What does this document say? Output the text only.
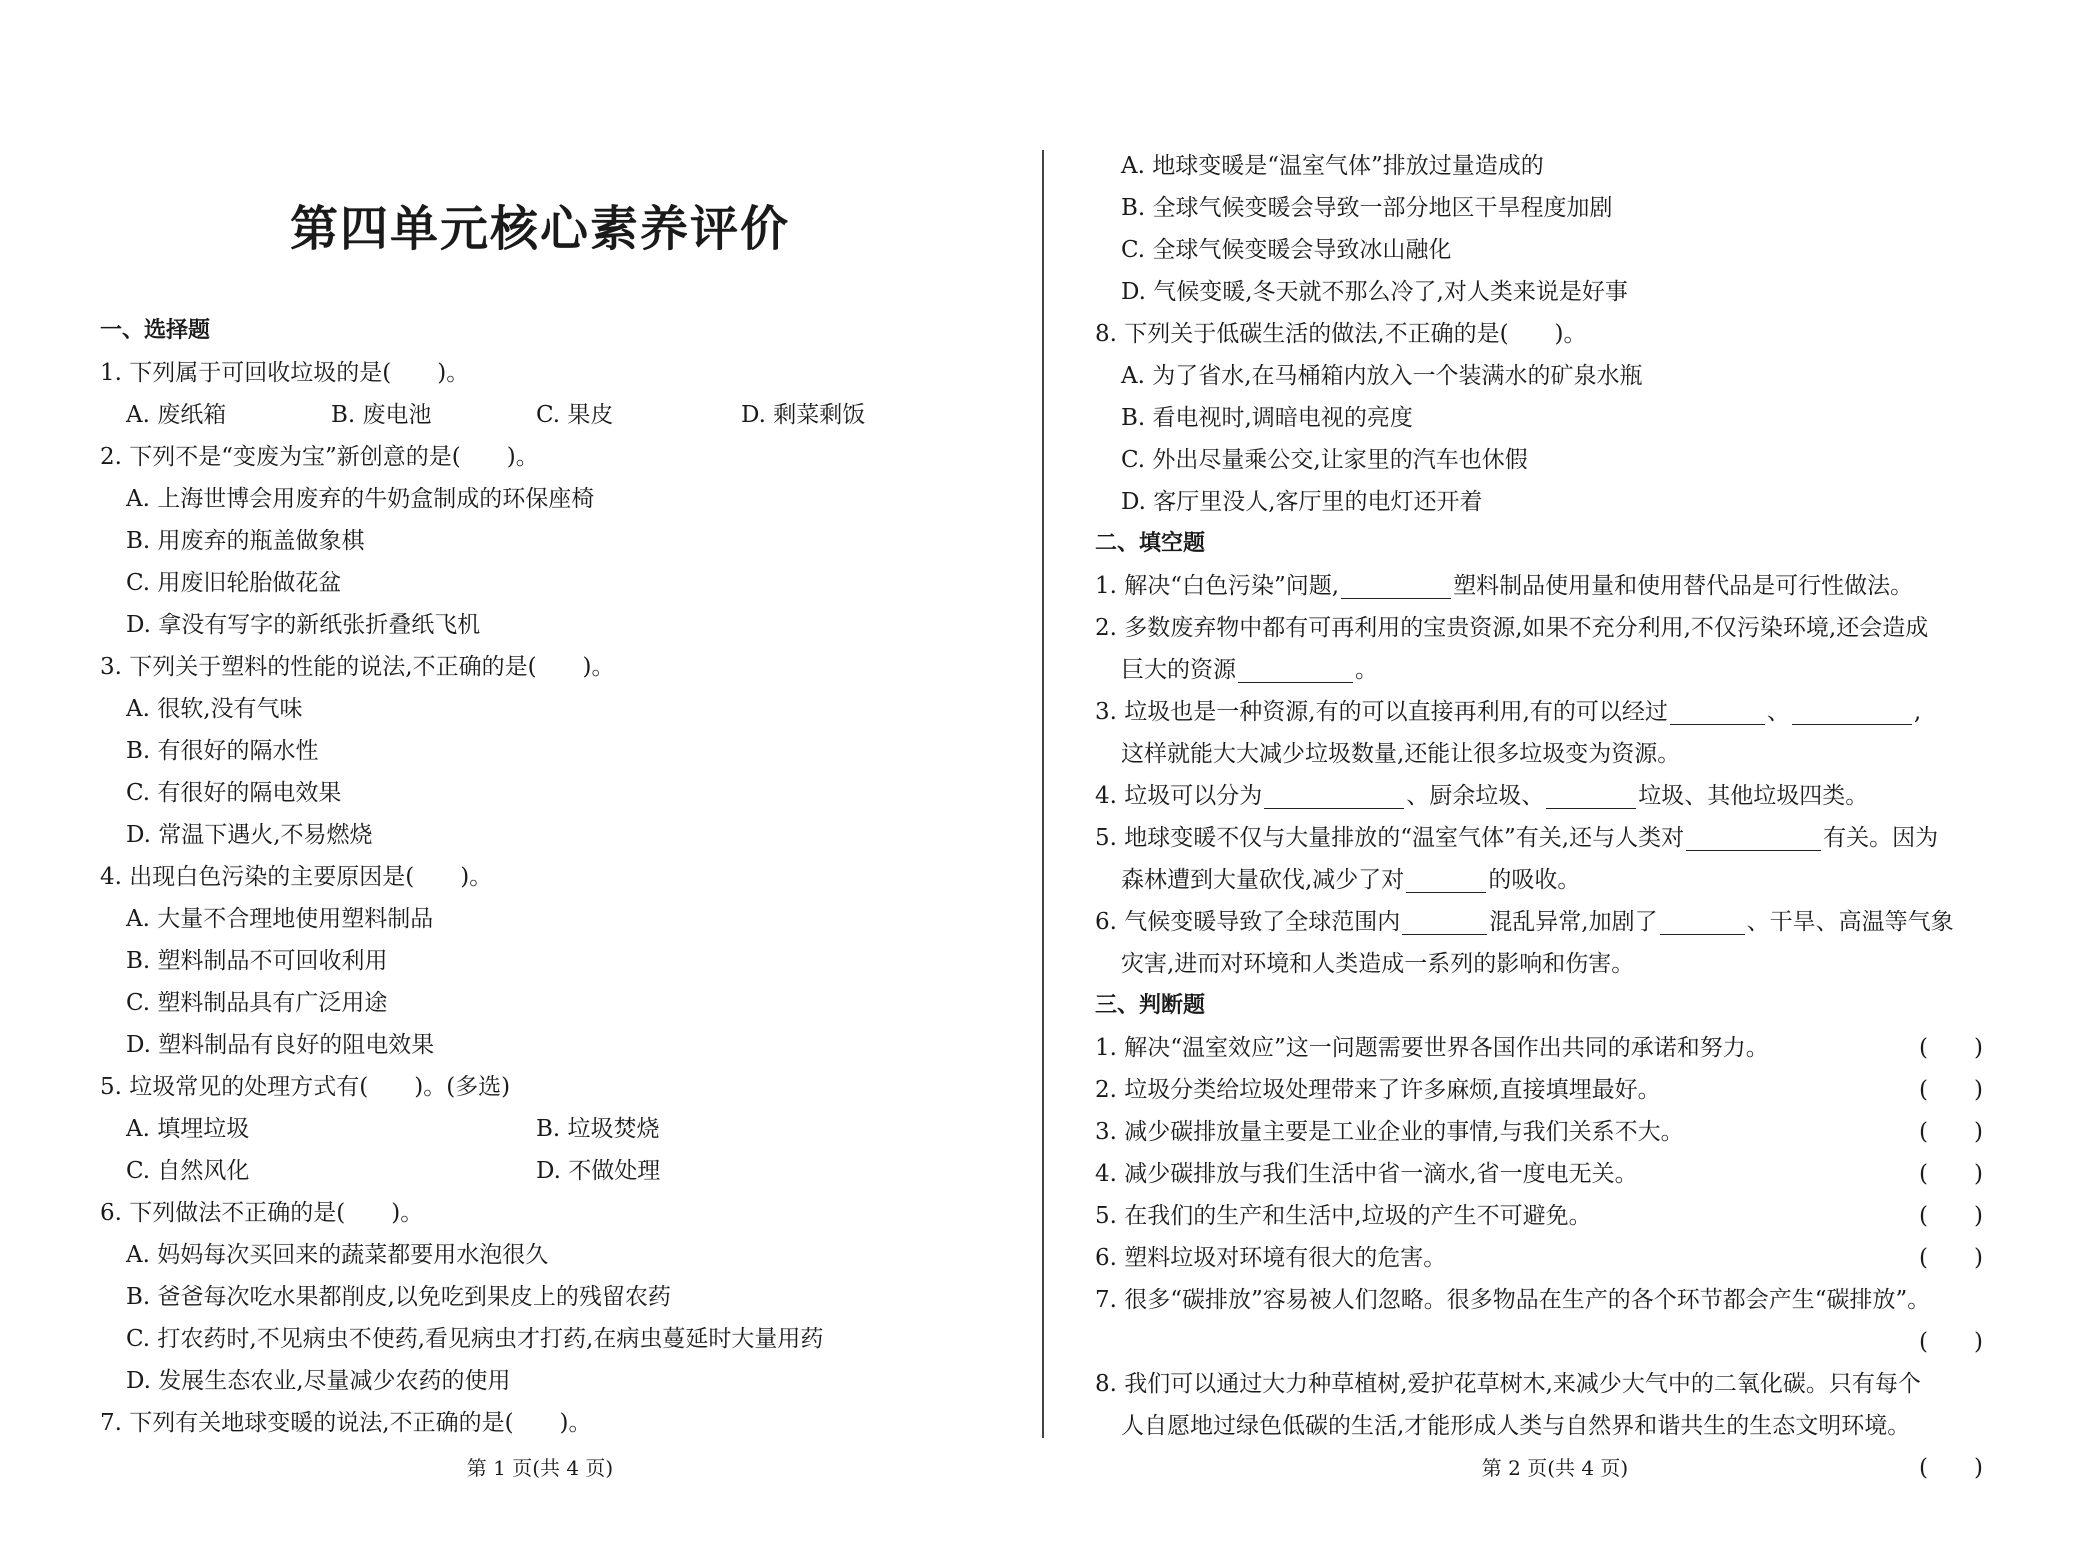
第四单元核心素养评价
一、选择题
1. 下列属于可回收垃圾的是(　　)。
A. 废纸箱	B. 废电池	C. 果皮	D. 剩菜剩饭
2. 下列不是“变废为宝”新创意的是(　　)。
A. 上海世博会用废弃的牛奶盒制成的环保座椅
B. 用废弃的瓶盖做象棋
C. 用废旧轮胎做花盆
D. 拿没有写字的新纸张折叠纸飞机
3. 下列关于塑料的性能的说法,不正确的是(　　)。
A. 很软,没有气味
B. 有很好的隔水性
C. 有很好的隔电效果
D. 常温下遇火,不易燃烧
4. 出现白色污染的主要原因是(　　)。
A. 大量不合理地使用塑料制品
B. 塑料制品不可回收利用
C. 塑料制品具有广泛用途
D. 塑料制品有良好的阻电效果
5. 垃圾常见的处理方式有(　　)。(多选)
A. 填埋垃圾	B. 垃圾焚烧
C. 自然风化	D. 不做处理
6. 下列做法不正确的是(　　)。
A. 妈妈每次买回来的蔬菜都要用水泡很久
B. 爸爸每次吃水果都削皮,以免吃到果皮上的残留农药
C. 打农药时,不见病虫不使药,看见病虫才打药,在病虫蔓延时大量用药
D. 发展生态农业,尽量减少农药的使用
7. 下列有关地球变暖的说法,不正确的是(　　)。
第 1 页(共 4 页)
A. 地球变暖是“温室气体”排放过量造成的
B. 全球气候变暖会导致一部分地区干旱程度加剧
C. 全球气候变暖会导致冰山融化
D. 气候变暖,冬天就不那么冷了,对人类来说是好事
8. 下列关于低碳生活的做法,不正确的是(　　)。
A. 为了省水,在马桶箱内放入一个装满水的矿泉水瓶
B. 看电视时,调暗电视的亮度
C. 外出尽量乘公交,让家里的汽车也休假
D. 客厅里没人,客厅里的电灯还开着
二、填空题
1. 解决“白色污染”问题,	塑料制品使用量和使用替代品是可行性做法。
2. 多数废弃物中都有可再利用的宝贵资源,如果不充分利用,不仅污染环境,还会造成
巨大的资源	。
3. 垃圾也是一种资源,有的可以直接再利用,有的可以经过	、	,
这样就能大大减少垃圾数量,还能让很多垃圾变为资源。
4. 垃圾可以分为	、厨余垃圾、	垃圾、其他垃圾四类。
5. 地球变暖不仅与大量排放的“温室气体”有关,还与人类对	有关。因为
森林遭到大量砍伐,减少了对	的吸收。
6. 气候变暖导致了全球范围内	混乱异常,加剧了	、干旱、高温等气象
灾害,进而对环境和人类造成一系列的影响和伤害。
三、判断题
1. 解决“温室效应”这一问题需要世界各国作出共同的承诺和努力。	(　　)
2. 垃圾分类给垃圾处理带来了许多麻烦,直接填埋最好。	(　　)
3. 减少碳排放量主要是工业企业的事情,与我们关系不大。	(　　)
4. 减少碳排放与我们生活中省一滴水,省一度电无关。	(　　)
5. 在我们的生产和生活中,垃圾的产生不可避免。	(　　)
6. 塑料垃圾对环境有很大的危害。	(　　)
7. 很多“碳排放”容易被人们忽略。很多物品在生产的各个环节都会产生“碳排放”。
(　　)
8. 我们可以通过大力种草植树,爱护花草树木,来减少大气中的二氧化碳。只有每个
人自愿地过绿色低碳的生活,才能形成人类与自然界和谐共生的生态文明环境。
(　　)
第 2 页(共 4 页)
